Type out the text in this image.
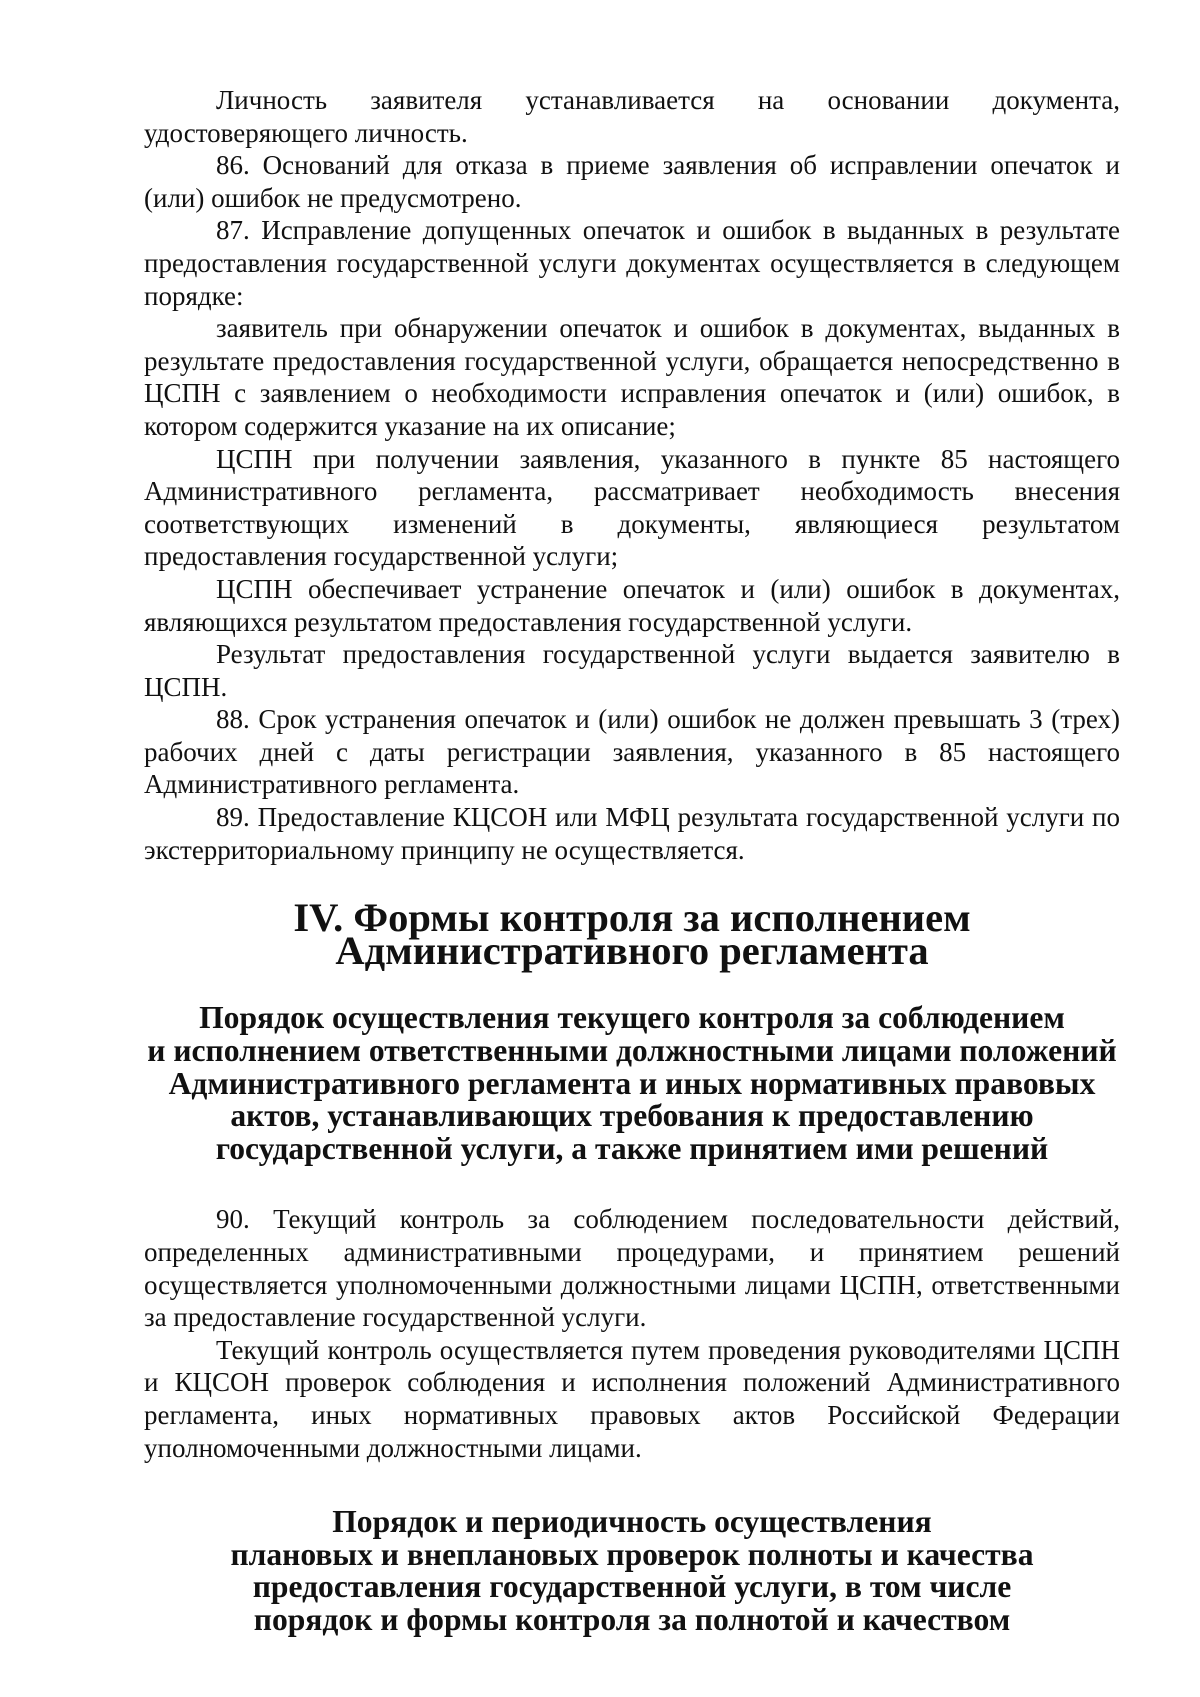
Личность заявителя устанавливается на основании документа, удостоверяющего личность.

86. Оснований для отказа в приеме заявления об исправлении опечаток и (или) ошибок не предусмотрено.

87. Исправление допущенных опечаток и ошибок в выданных в результате предоставления государственной услуги документах осуществляется в следующем порядке:

заявитель при обнаружении опечаток и ошибок в документах, выданных в результате предоставления государственной услуги, обращается непосредственно в ЦСПН с заявлением о необходимости исправления опечаток и (или) ошибок, в котором содержится указание на их описание;

ЦСПН при получении заявления, указанного в пункте 85 настоящего Административного регламента, рассматривает необходимость внесения соответствующих изменений в документы, являющиеся результатом предоставления государственной услуги;

ЦСПН обеспечивает устранение опечаток и (или) ошибок в документах, являющихся результатом предоставления государственной услуги.

Результат предоставления государственной услуги выдается заявителю в ЦСПН.

88. Срок устранения опечаток и (или) ошибок не должен превышать 3 (трех) рабочих дней с даты регистрации заявления, указанного в 85 настоящего Административного регламента.

89. Предоставление КЦСОН или МФЦ результата государственной услуги по экстерриториальному принципу не осуществляется.

IV. Формы контроля за исполнением
Административного регламента
Порядок осуществления текущего контроля за соблюдением
и исполнением ответственными должностными лицами положений
Административного регламента и иных нормативных правовых
актов, устанавливающих требования к предоставлению
государственной услуги, а также принятием ими решений

90. Текущий контроль за соблюдением последовательности действий, определенных административными процедурами, и принятием решений осуществляется уполномоченными должностными лицами ЦСПН, ответственными за предоставление государственной услуги.

Текущий контроль осуществляется путем проведения руководителями ЦСПН и КЦСОН проверок соблюдения и исполнения положений Административного регламента, иных нормативных правовых актов Российской Федерации уполномоченными должностными лицами.

Порядок и периодичность осуществления
плановых и внеплановых проверок полноты и качества
предоставления государственной услуги, в том числе
порядок и формы контроля за полнотой и качеством
